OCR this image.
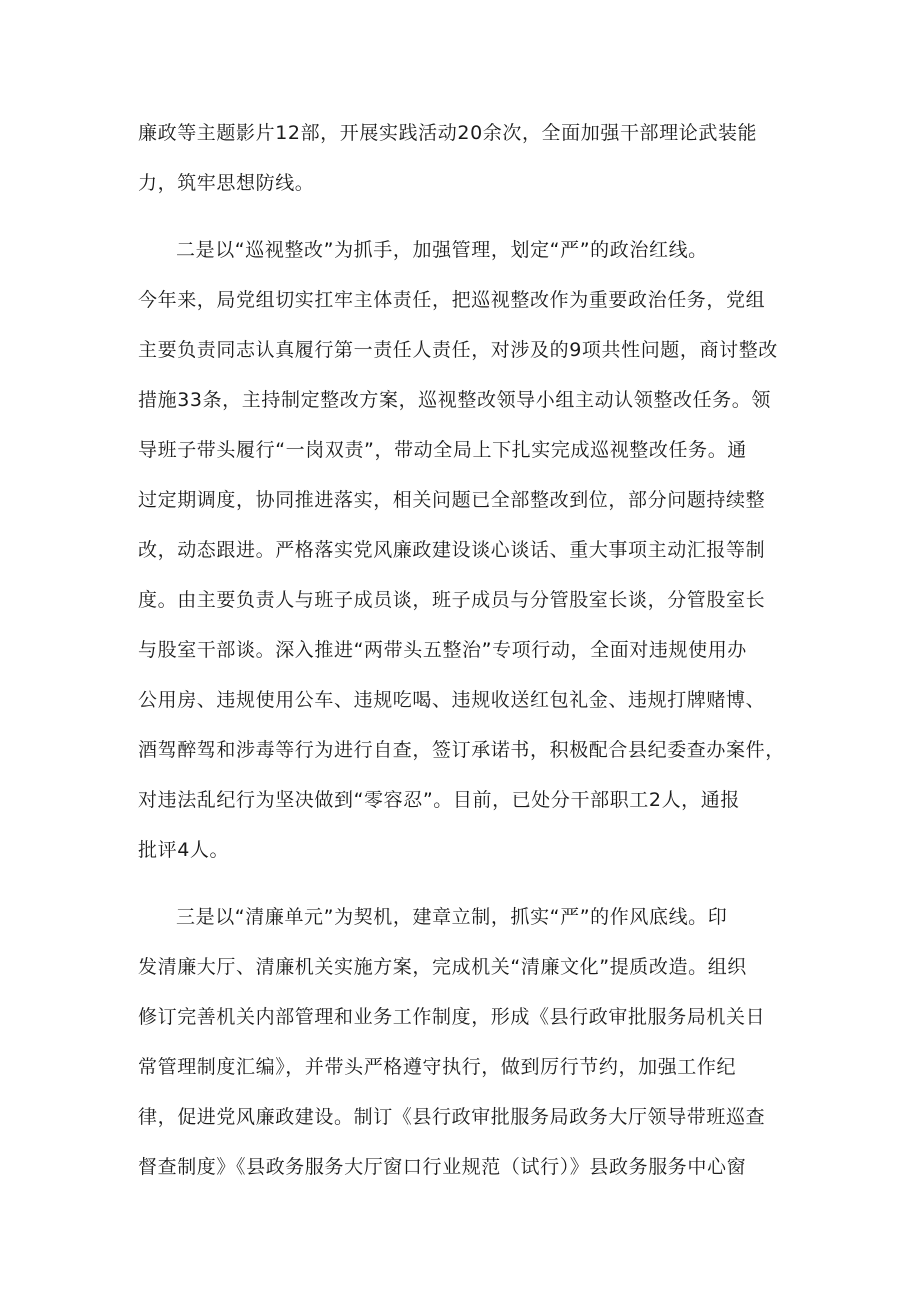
廉政等主题影片12部，开展实践活动20余次，全面加强干部理论武装能
力，筑牢思想防线。
二是以“巡视整改”为抓手，加强管理，划定“严”的政治红线。
今年来，局党组切实扛牢主体责任，把巡视整改作为重要政治任务，党组
主要负责同志认真履行第一责任人责任，对涉及的9项共性问题，商讨整改
措施33条，主持制定整改方案，巡视整改领导小组主动认领整改任务。领
导班子带头履行“一岗双责”，带动全局上下扎实完成巡视整改任务。通
过定期调度，协同推进落实，相关问题已全部整改到位，部分问题持续整
改，动态跟进。严格落实党风廉政建设谈心谈话、重大事项主动汇报等制
度。由主要负责人与班子成员谈，班子成员与分管股室长谈，分管股室长
与股室干部谈。深入推进“两带头五整治”专项行动，全面对违规使用办
公用房、违规使用公车、违规吃喝、违规收送红包礼金、违规打牌赌博、
酒驾醉驾和涉毒等行为进行自查，签订承诺书，积极配合县纪委查办案件，
对违法乱纪行为坚决做到“零容忍”。目前，已处分干部职工2人，通报
批评4人。
三是以“清廉单元”为契机，建章立制，抓实“严”的作风底线。印
发清廉大厅、清廉机关实施方案，完成机关“清廉文化”提质改造。组织
修订完善机关内部管理和业务工作制度，形成《县行政审批服务局机关日
常管理制度汇编》，并带头严格遵守执行，做到厉行节约，加强工作纪
律，促进党风廉政建设。制订《县行政审批服务局政务大厅领导带班巡查
督查制度》《县政务服务大厅窗口行业规范（试行）》县政务服务中心窗
